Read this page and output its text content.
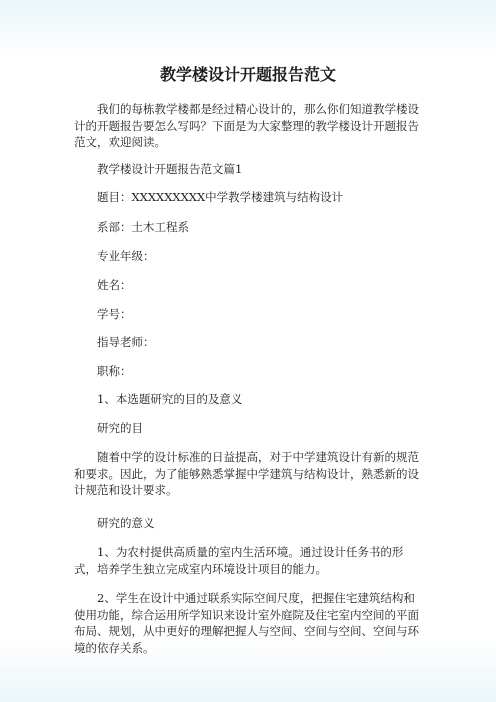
教学楼设计开题报告范文

我们的每栋教学楼都是经过精心设计的，那么你们知道教学楼设计的开题报告要怎么写吗？下面是为大家整理的教学楼设计开题报告范文，欢迎阅读。

教学楼设计开题报告范文篇1

题目：XXXXXXXXX中学教学楼建筑与结构设计

系部：土木工程系

专业年级：

姓名：

学号：

指导老师：

职称：

1、本选题研究的目的及意义

研究的目

随着中学的设计标准的日益提高，对于中学建筑设计有新的规范和要求。因此，为了能够熟悉掌握中学建筑与结构设计，熟悉新的设计规范和设计要求。

研究的意义

1、为农村提供高质量的室内生活环境。通过设计任务书的形式，培养学生独立完成室内环境设计项目的能力。

2、学生在设计中通过联系实际空间尺度，把握住宅建筑结构和使用功能，综合运用所学知识来设计室外庭院及住宅室内空间的平面布局、规划，从中更好的理解把握人与空间、空间与空间、空间与环境的依存关系。
